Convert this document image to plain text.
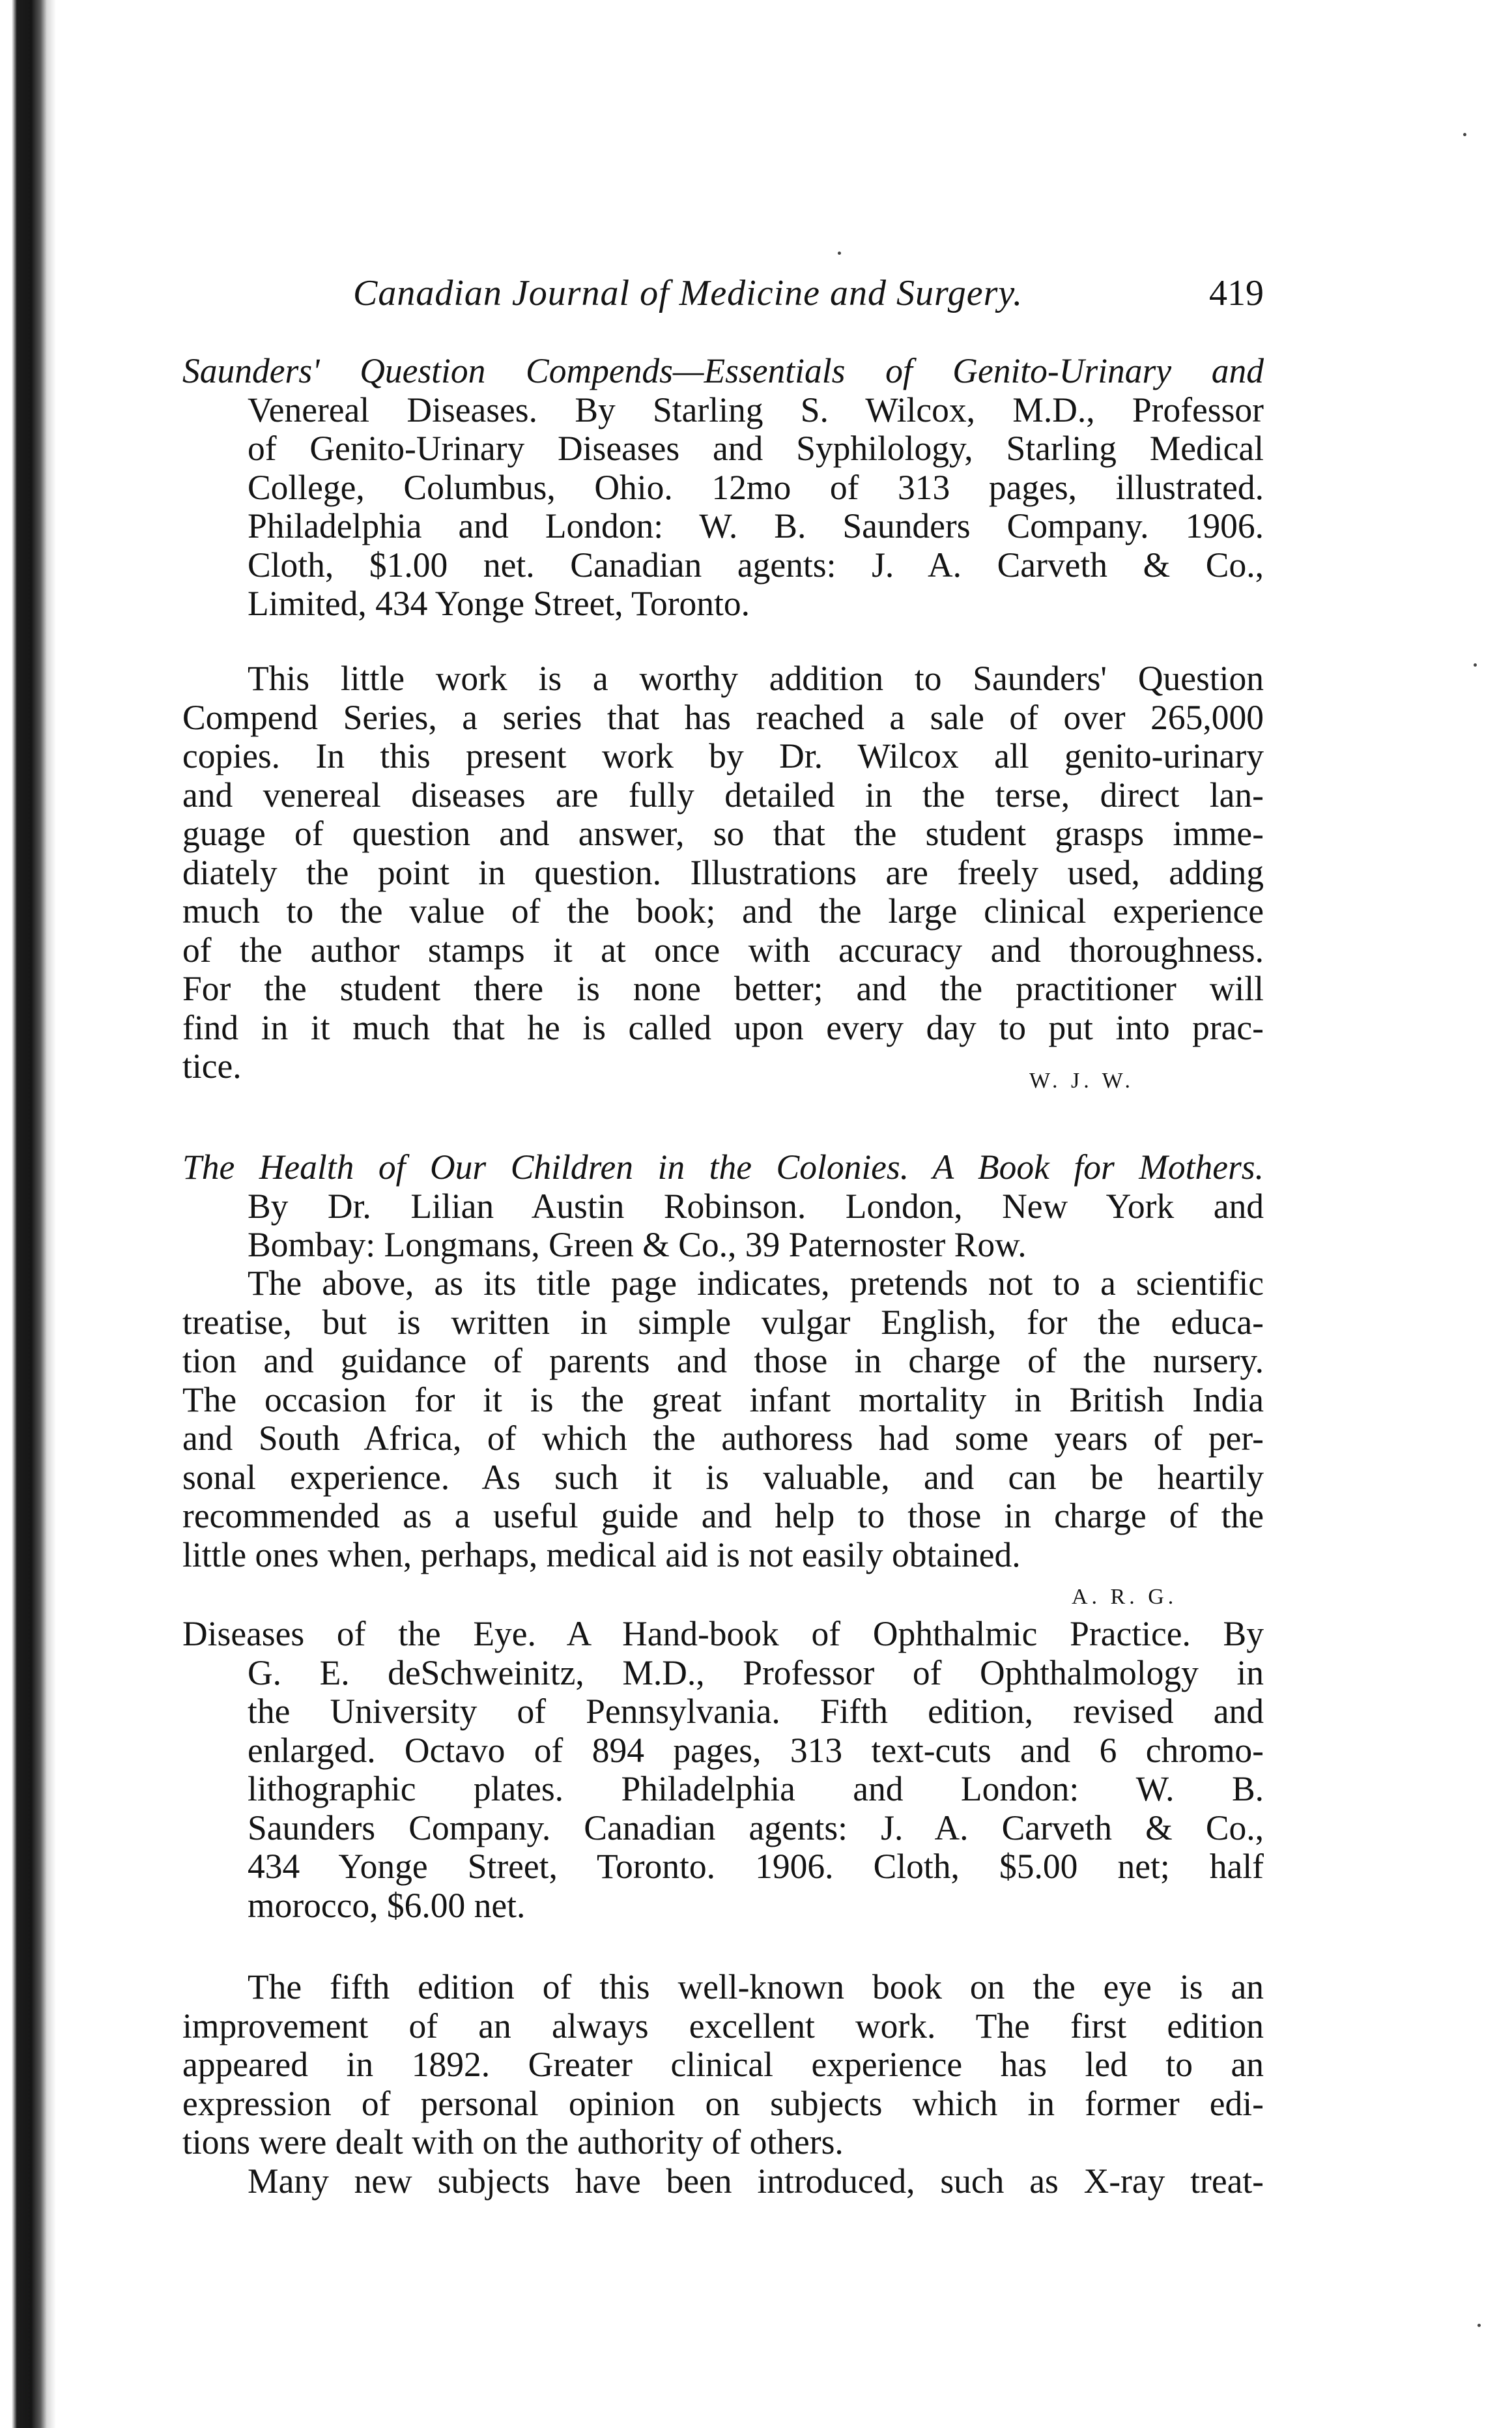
Canadian Journal of Medicine and Surgery.	419
Saunders' Question Compends—Essentials of Genito-Urinary and
Venereal Diseases. By Starling S. Wilcox, M.D., Professor
of Genito-Urinary Diseases and Syphilology, Starling Medical
College, Columbus, Ohio. 12mo of 313 pages, illustrated.
Philadelphia and London: W. B. Saunders Company. 1906.
Cloth, $1.00 net. Canadian agents: J. A. Carveth & Co.,
Limited, 434 Yonge Street, Toronto.
This little work is a worthy addition to Saunders' Question
Compend Series, a series that has reached a sale of over 265,000
copies. In this present work by Dr. Wilcox all genito-urinary
and venereal diseases are fully detailed in the terse, direct lan-
guage of question and answer, so that the student grasps imme-
diately the point in question. Illustrations are freely used, adding
much to the value of the book; and the large clinical experience
of the author stamps it at once with accuracy and thoroughness.
For the student there is none better; and the practitioner will
find in it much that he is called upon every day to put into prac-
tice.	W. J. W.
The Health of Our Children in the Colonies. A Book for Mothers.
By Dr. Lilian Austin Robinson. London, New York and
Bombay: Longmans, Green & Co., 39 Paternoster Row.
The above, as its title page indicates, pretends not to a scientific
treatise, but is written in simple vulgar English, for the educa-
tion and guidance of parents and those in charge of the nursery.
The occasion for it is the great infant mortality in British India
and South Africa, of which the authoress had some years of per-
sonal experience. As such it is valuable, and can be heartily
recommended as a useful guide and help to those in charge of the
little ones when, perhaps, medical aid is not easily obtained.
A. R. G.
Diseases of the Eye. A Hand-book of Ophthalmic Practice. By
G. E. deSchweinitz, M.D., Professor of Ophthalmology in
the University of Pennsylvania. Fifth edition, revised and
enlarged. Octavo of 894 pages, 313 text-cuts and 6 chromo-
lithographic plates. Philadelphia and London: W. B.
Saunders Company. Canadian agents: J. A. Carveth & Co.,
434 Yonge Street, Toronto. 1906. Cloth, $5.00 net; half
morocco, $6.00 net.
The fifth edition of this well-known book on the eye is an
improvement of an always excellent work. The first edition
appeared in 1892. Greater clinical experience has led to an
expression of personal opinion on subjects which in former edi-
tions were dealt with on the authority of others.
Many new subjects have been introduced, such as X-ray treat-
